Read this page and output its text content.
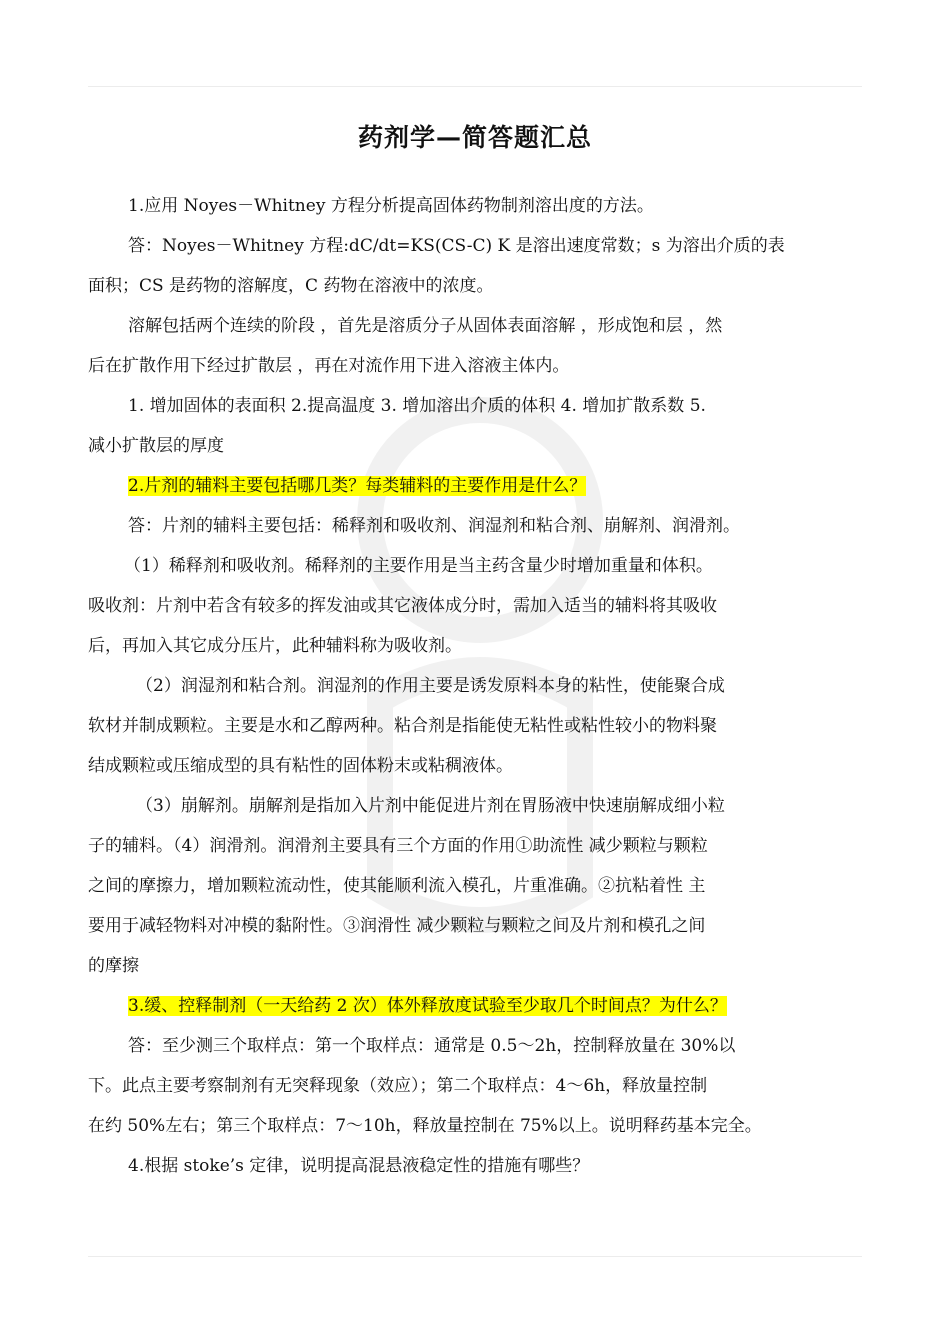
药剂学—简答题汇总

1.应用 Noyes－Whitney 方程分析提高固体药物制剂溶出度的方法。

答：Noyes－Whitney 方程:dC/dt=KS(CS-C) K 是溶出速度常数；s 为溶出介质的表

面积；CS 是药物的溶解度，C 药物在溶液中的浓度。

溶解包括两个连续的阶段 ，首先是溶质分子从固体表面溶解 ，形成饱和层 ，然

后在扩散作用下经过扩散层 ，再在对流作用下进入溶液主体内。

1. 增加固体的表面积 2.提高温度 3. 增加溶出介质的体积 4. 增加扩散系数 5.

减小扩散层的厚度

2.片剂的辅料主要包括哪几类？每类辅料的主要作用是什么？

答：片剂的辅料主要包括：稀释剂和吸收剂、润湿剂和粘合剂、崩解剂、润滑剂。

（1）稀释剂和吸收剂。稀释剂的主要作用是当主药含量少时增加重量和体积。

吸收剂：片剂中若含有较多的挥发油或其它液体成分时，需加入适当的辅料将其吸收

后，再加入其它成分压片，此种辅料称为吸收剂。

（2）润湿剂和粘合剂。润湿剂的作用主要是诱发原料本身的粘性，使能聚合成

软材并制成颗粒。主要是水和乙醇两种。粘合剂是指能使无粘性或粘性较小的物料聚

结成颗粒或压缩成型的具有粘性的固体粉末或粘稠液体。

（3）崩解剂。崩解剂是指加入片剂中能促进片剂在胃肠液中快速崩解成细小粒

子的辅料。（4）润滑剂。润滑剂主要具有三个方面的作用①助流性 减少颗粒与颗粒

之间的摩擦力，增加颗粒流动性，使其能顺利流入模孔，片重准确。②抗粘着性 主

要用于减轻物料对冲模的黏附性。③润滑性 减少颗粒与颗粒之间及片剂和模孔之间

的摩擦

3.缓、控释制剂（一天给药 2 次）体外释放度试验至少取几个时间点？为什么？

答：至少测三个取样点：第一个取样点：通常是 0.5～2h，控制释放量在 30%以

下。此点主要考察制剂有无突释现象（效应）；第二个取样点：4～6h，释放量控制

在约 50%左右；第三个取样点：7～10h，释放量控制在 75%以上。说明释药基本完全。

4.根据 stoke’s 定律，说明提高混悬液稳定性的措施有哪些？
